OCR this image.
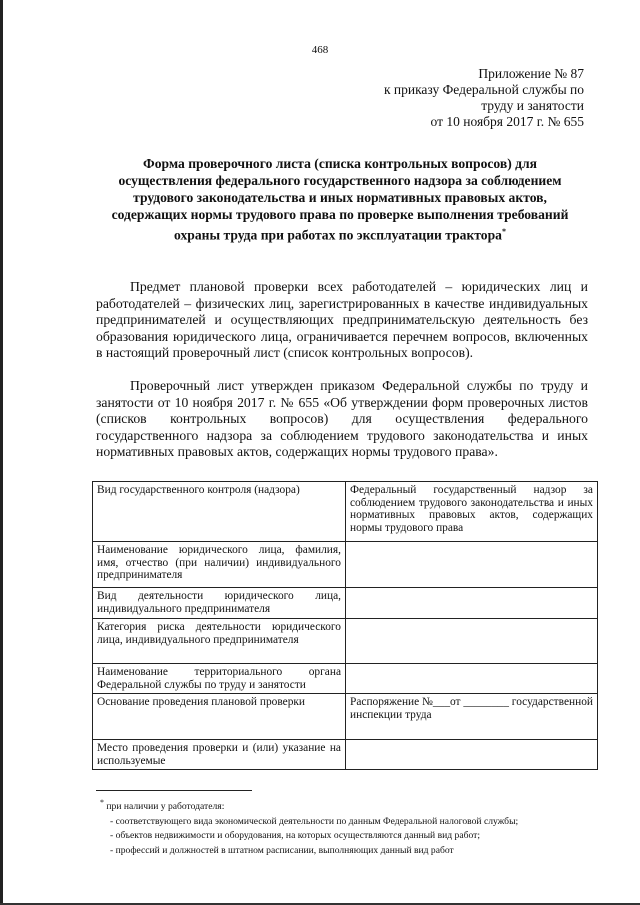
468
Приложение № 87
к приказу Федеральной службы по
труду и занятости
от 10 ноября 2017 г. № 655
Форма проверочного листа (списка контрольных вопросов) для осуществления федерального государственного надзора за соблюдением трудового законодательства и иных нормативных правовых актов, содержащих нормы трудового права по проверке выполнения требований охраны труда при работах по эксплуатации трактора*

Предмет плановой проверки всех работодателей – юридических лиц и работодателей – физических лиц, зарегистрированных в качестве индивидуальных предпринимателей и осуществляющих предпринимательскую деятельность без образования юридического лица, ограничивается перечнем вопросов, включенных в настоящий проверочный лист (список контрольных вопросов).

Проверочный лист утвержден приказом Федеральной службы по труду и занятости от 10 ноября 2017 г. № 655 «Об утверждении форм проверочных листов (списков контрольных вопросов) для осуществления федерального государственного надзора за соблюдением трудового законодательства и иных нормативных правовых актов, содержащих нормы трудового права».

Вид государственного контроля (надзора)	Федеральный государственный надзор за соблюдением трудового законодательства и иных нормативных правовых актов, содержащих нормы трудового права
Наименование юридического лица, фамилия, имя, отчество (при наличии) индивидуального предпринимателя	
Вид деятельности юридического лица, индивидуального предпринимателя	
Категория риска деятельности юридического лица, индивидуального предпринимателя	
Наименование территориального органа Федеральной службы по труду и занятости	
Основание проведения плановой проверки	Распоряжение №___от ________ государственной инспекции труда
Место проведения проверки и (или) указание на используемые	
* при наличии у работодателя:
- соответствующего вида экономической деятельности по данным Федеральной налоговой службы;
- объектов недвижимости и оборудования, на которых осуществляются данный вид работ;
- профессий и должностей в штатном расписании, выполняющих данный вид работ
